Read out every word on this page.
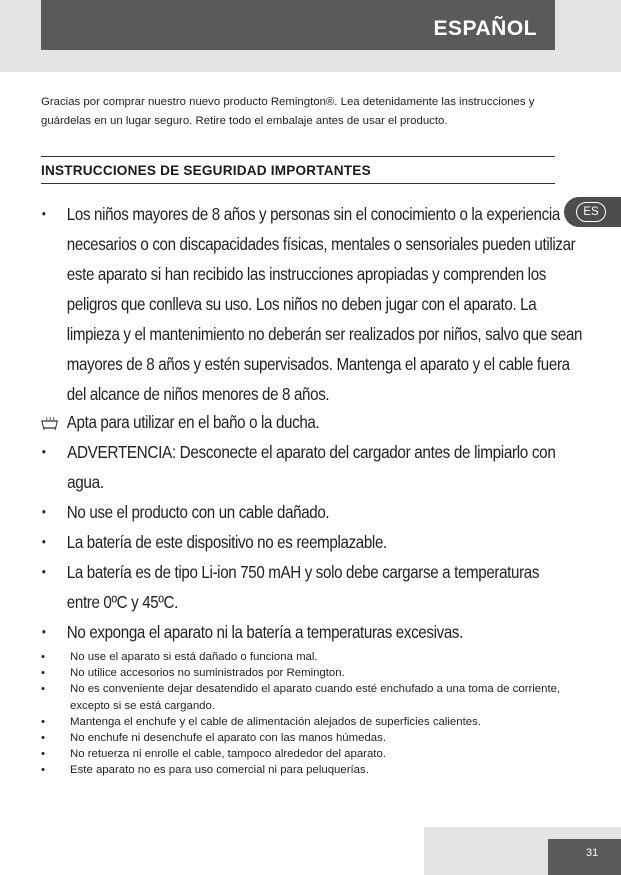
ESPAÑOL
Gracias por comprar nuestro nuevo producto Remington®. Lea detenidamente las instrucciones y guárdelas en un lugar seguro. Retire todo el embalaje antes de usar el producto.
INSTRUCCIONES DE SEGURIDAD IMPORTANTES
ES
• Los niños mayores de 8 años y personas sin el conocimiento o la experiencia necesarios o con discapacidades físicas, mentales o sensoriales pueden utilizar este aparato si han recibido las instrucciones apropiadas y comprenden los peligros que conlleva su uso. Los niños no deben jugar con el aparato. La limpieza y el mantenimiento no deberán ser realizados por niños, salvo que sean mayores de 8 años y estén supervisados. Mantenga el aparato y el cable fuera del alcance de niños menores de 8 años.
Apta para utilizar en el baño o la ducha.
• ADVERTENCIA: Desconecte el aparato del cargador antes de limpiarlo con agua.
• No use el producto con un cable dañado.
• La batería de este dispositivo no es reemplazable.
• La batería es de tipo Li-ion 750 mAH y solo debe cargarse a temperaturas entre 0ºC y 45ºC.
• No exponga el aparato ni la batería a temperaturas excesivas.
• No use el aparato si está dañado o funciona mal.
• No utilice accesorios no suministrados por Remington.
• No es conveniente dejar desatendido el aparato cuando esté enchufado a una toma de corriente, excepto si se está cargando.
• Mantenga el enchufe y el cable de alimentación alejados de superficies calientes.
• No enchufe ni desenchufe el aparato con las manos húmedas.
• No retuerza ni enrolle el cable, tampoco alrededor del aparato.
• Este aparato no es para uso comercial ni para peluquerías.
31
